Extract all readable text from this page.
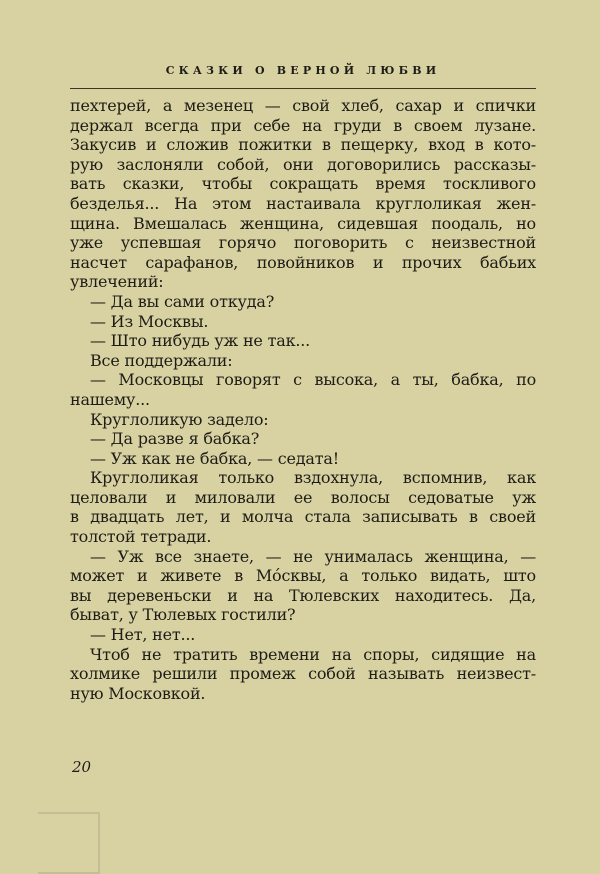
СКАЗКИ О ВЕРНОЙ ЛЮБВИ
пехтерей, а мезенец — свой хлеб, сахар и спички
держал всегда при себе на груди в своем лузане.
Закусив и сложив пожитки в пещерку, вход в кото-
рую заслоняли собой, они договорились рассказы-
вать сказки, чтобы сокращать время тоскливого
безделья... На этом настаивала круглоликая жен-
щина. Вмешалась женщина, сидевшая поодаль, но
уже успевшая горячо поговорить с неизвестной
насчет сарафанов, повойников и прочих бабьих
увлечений:
— Да вы сами откуда?
— Из Москвы.
— Што нибудь уж не так...
Все поддержали:
— Московцы говорят с высока, а ты, бабка, по
нашему...
Круглоликую задело:
— Да разве я бабка?
— Уж как не бабка, — седата!
Круглоликая только вздохнула, вспомнив, как
целовали и миловали ее волосы седоватые уж
в двадцать лет, и молча стала записывать в своей
толстой тетради.
— Уж все знаете, — не унималась женщина, —
может и живете в Мо́сквы, а только видать, што
вы деревеньски и на Тюлевских находитесь. Да,
быват, у Тюлевых гостили?
— Нет, нет...
Чтоб не тратить времени на споры, сидящие на
холмике решили промеж собой называть неизвест-
ную Московкой.
20
